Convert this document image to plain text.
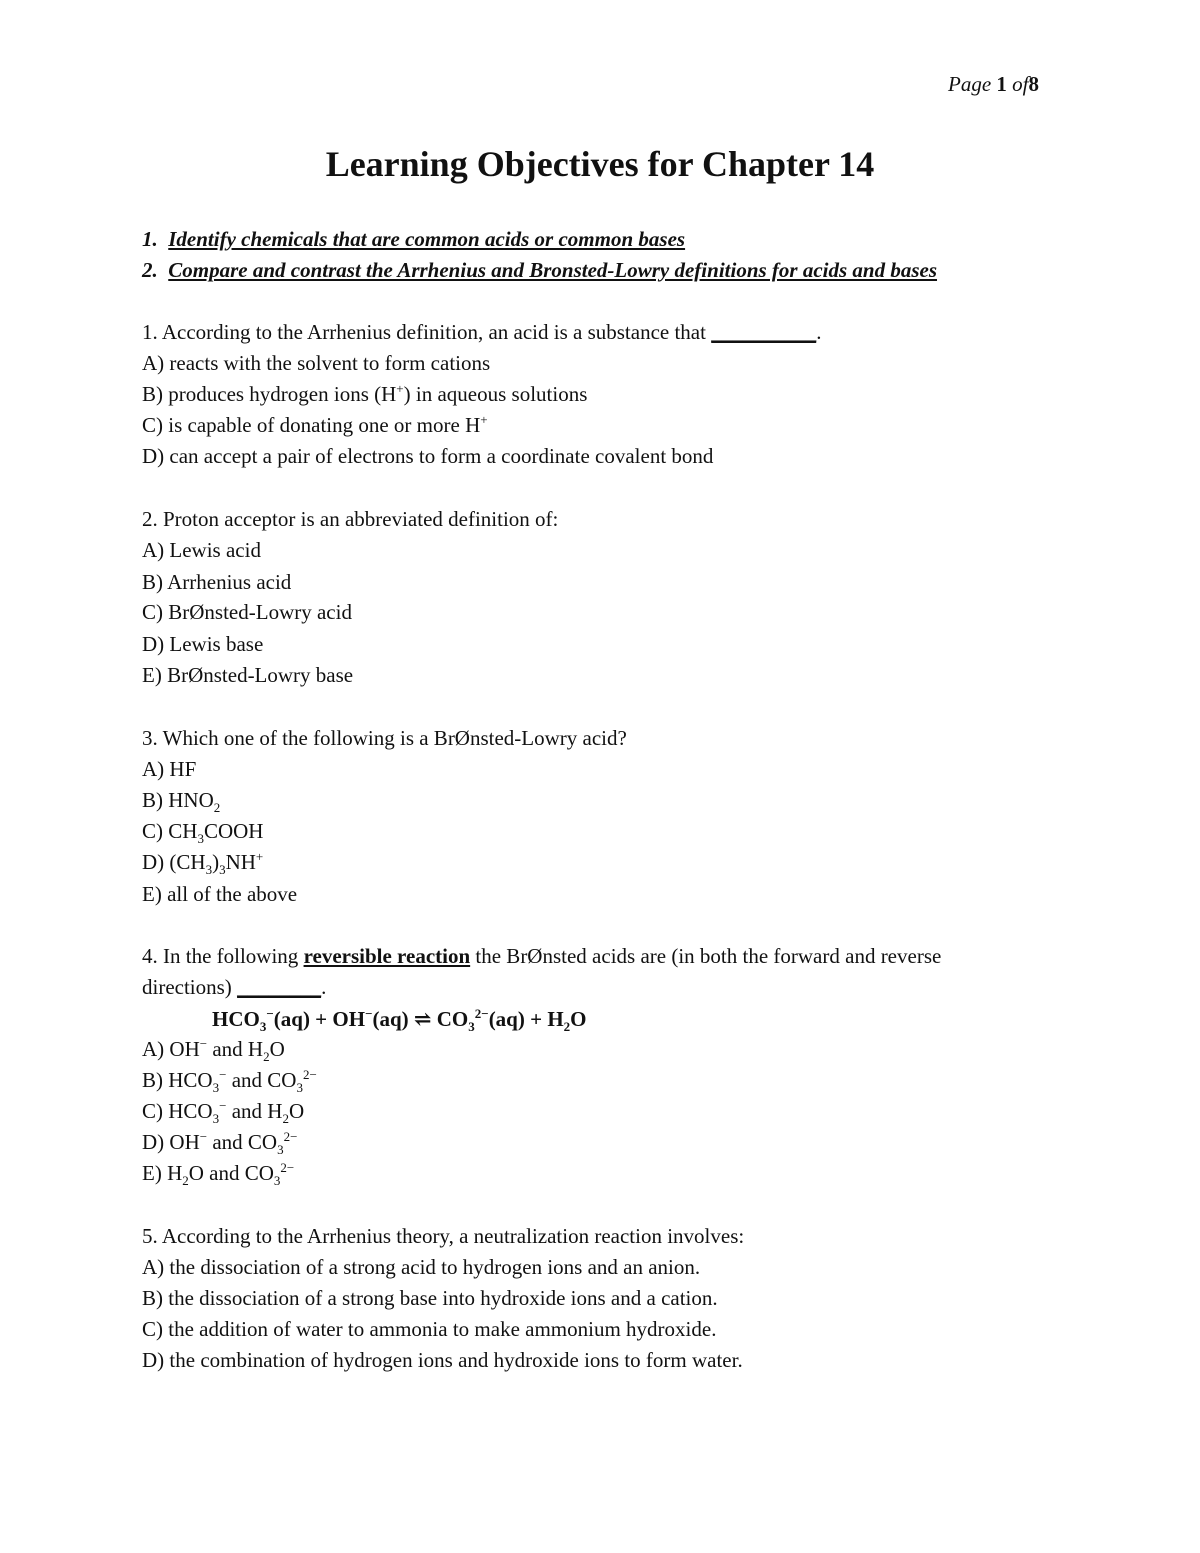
Page 1 of8
Learning Objectives for Chapter 14
1. Identify chemicals that are common acids or common bases
2. Compare and contrast the Arrhenius and Bronsted-Lowry definitions for acids and bases
1. According to the Arrhenius definition, an acid is a substance that __________.
A) reacts with the solvent to form cations
B) produces hydrogen ions (H+) in aqueous solutions
C) is capable of donating one or more H+
D) can accept a pair of electrons to form a coordinate covalent bond
2. Proton acceptor is an abbreviated definition of:
A) Lewis acid
B) Arrhenius acid
C) BrØnsted-Lowry acid
D) Lewis base
E) BrØnsted-Lowry base
3. Which one of the following is a BrØnsted-Lowry acid?
A) HF
B) $HNO_2$
C) $CH_3COOH$
D) $(CH_3)_3NH^+$
E) all of the above
4. In the following reversible reaction the BrØnsted acids are (in both the forward and reverse
directions) ________.
$HCO_3^-(aq) + OH^-(aq)$ ⇌ $CO_3^{2-}(aq) + H_2O$
A) OH− and $H_2O$
B) $HCO_3^-$ and $CO_3^{2-}$
C) $HCO_3^-$ and $H_2O$
D) OH− and $CO_3^{2-}$
E) $H_2O$ and $CO_3^{2-}$
5. According to the Arrhenius theory, a neutralization reaction involves:
A) the dissociation of a strong acid to hydrogen ions and an anion.
B) the dissociation of a strong base into hydroxide ions and a cation.
C) the addition of water to ammonia to make ammonium hydroxide.
D) the combination of hydrogen ions and hydroxide ions to form water.
